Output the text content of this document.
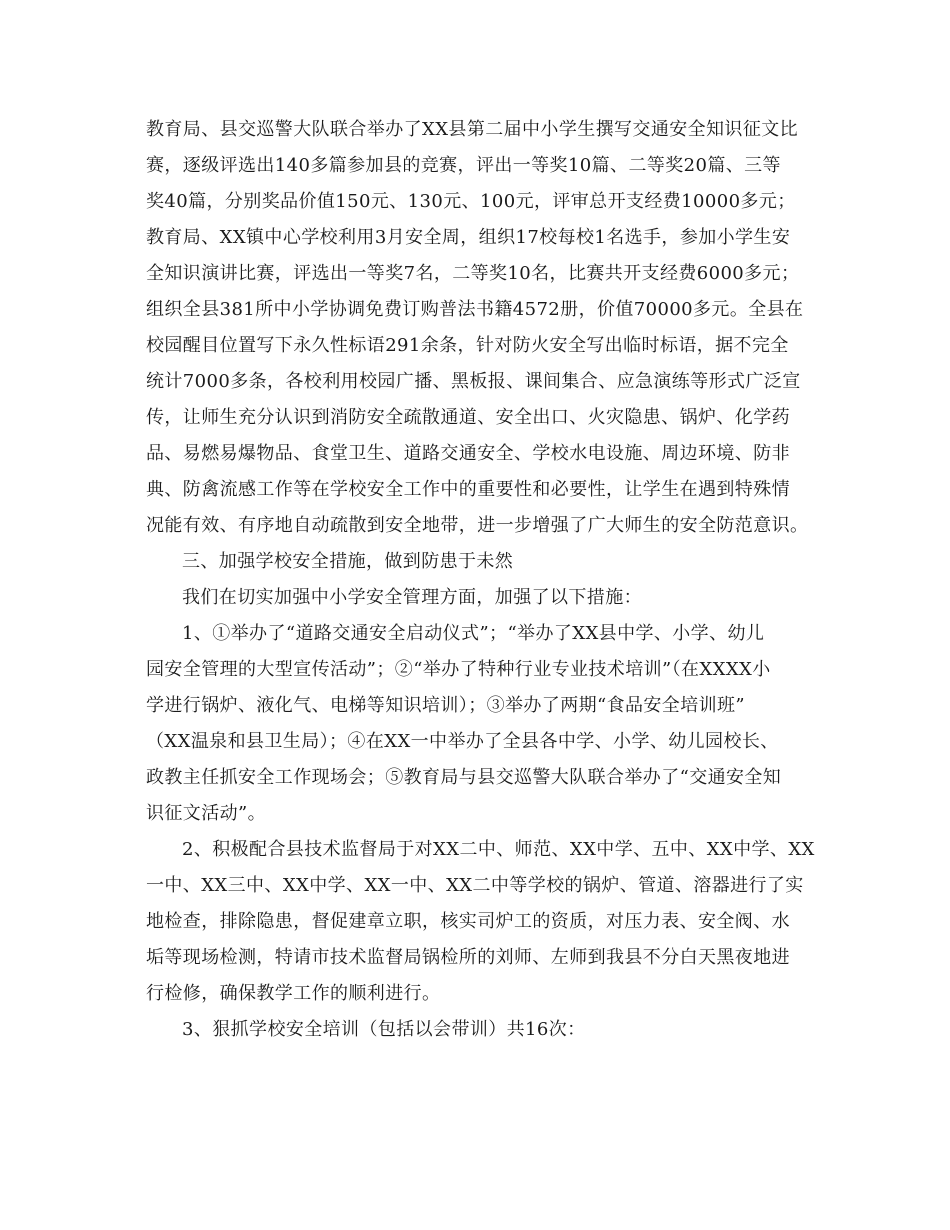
教育局、县交巡警大队联合举办了XX县第二届中小学生撰写交通安全知识征文比
赛，逐级评选出140多篇参加县的竞赛，评出一等奖10篇、二等奖20篇、三等
奖40篇，分别奖品价值150元、130元、100元，评审总开支经费10000多元；
教育局、XX镇中心学校利用3月安全周，组织17校每校1名选手，参加小学生安
全知识演讲比赛，评选出一等奖7名，二等奖10名，比赛共开支经费6000多元；
组织全县381所中小学协调免费订购普法书籍4572册，价值70000多元。全县在
校园醒目位置写下永久性标语291余条，针对防火安全写出临时标语，据不完全
统计7000多条，各校利用校园广播、黑板报、课间集合、应急演练等形式广泛宣
传，让师生充分认识到消防安全疏散通道、安全出口、火灾隐患、锅炉、化学药
品、易燃易爆物品、食堂卫生、道路交通安全、学校水电设施、周边环境、防非
典、防禽流感工作等在学校安全工作中的重要性和必要性，让学生在遇到特殊情
况能有效、有序地自动疏散到安全地带，进一步增强了广大师生的安全防范意识。
三、加强学校安全措施，做到防患于未然
我们在切实加强中小学安全管理方面，加强了以下措施：
1、①举办了“道路交通安全启动仪式”；“举办了XX县中学、小学、幼儿
园安全管理的大型宣传活动”；②“举办了特种行业专业技术培训”（在XXXX小
学进行锅炉、液化气、电梯等知识培训）；③举办了两期“食品安全培训班”
（XX温泉和县卫生局）；④在XX一中举办了全县各中学、小学、幼儿园校长、
政教主任抓安全工作现场会；⑤教育局与县交巡警大队联合举办了“交通安全知
识征文活动”。
2、积极配合县技术监督局于对XX二中、师范、XX中学、五中、XX中学、XX
一中、XX三中、XX中学、XX一中、XX二中等学校的锅炉、管道、溶器进行了实
地检查，排除隐患，督促建章立职，核实司炉工的资质，对压力表、安全阀、水
垢等现场检测，特请市技术监督局锅检所的刘师、左师到我县不分白天黑夜地进
行检修，确保教学工作的顺利进行。
3、狠抓学校安全培训（包括以会带训）共16次：
